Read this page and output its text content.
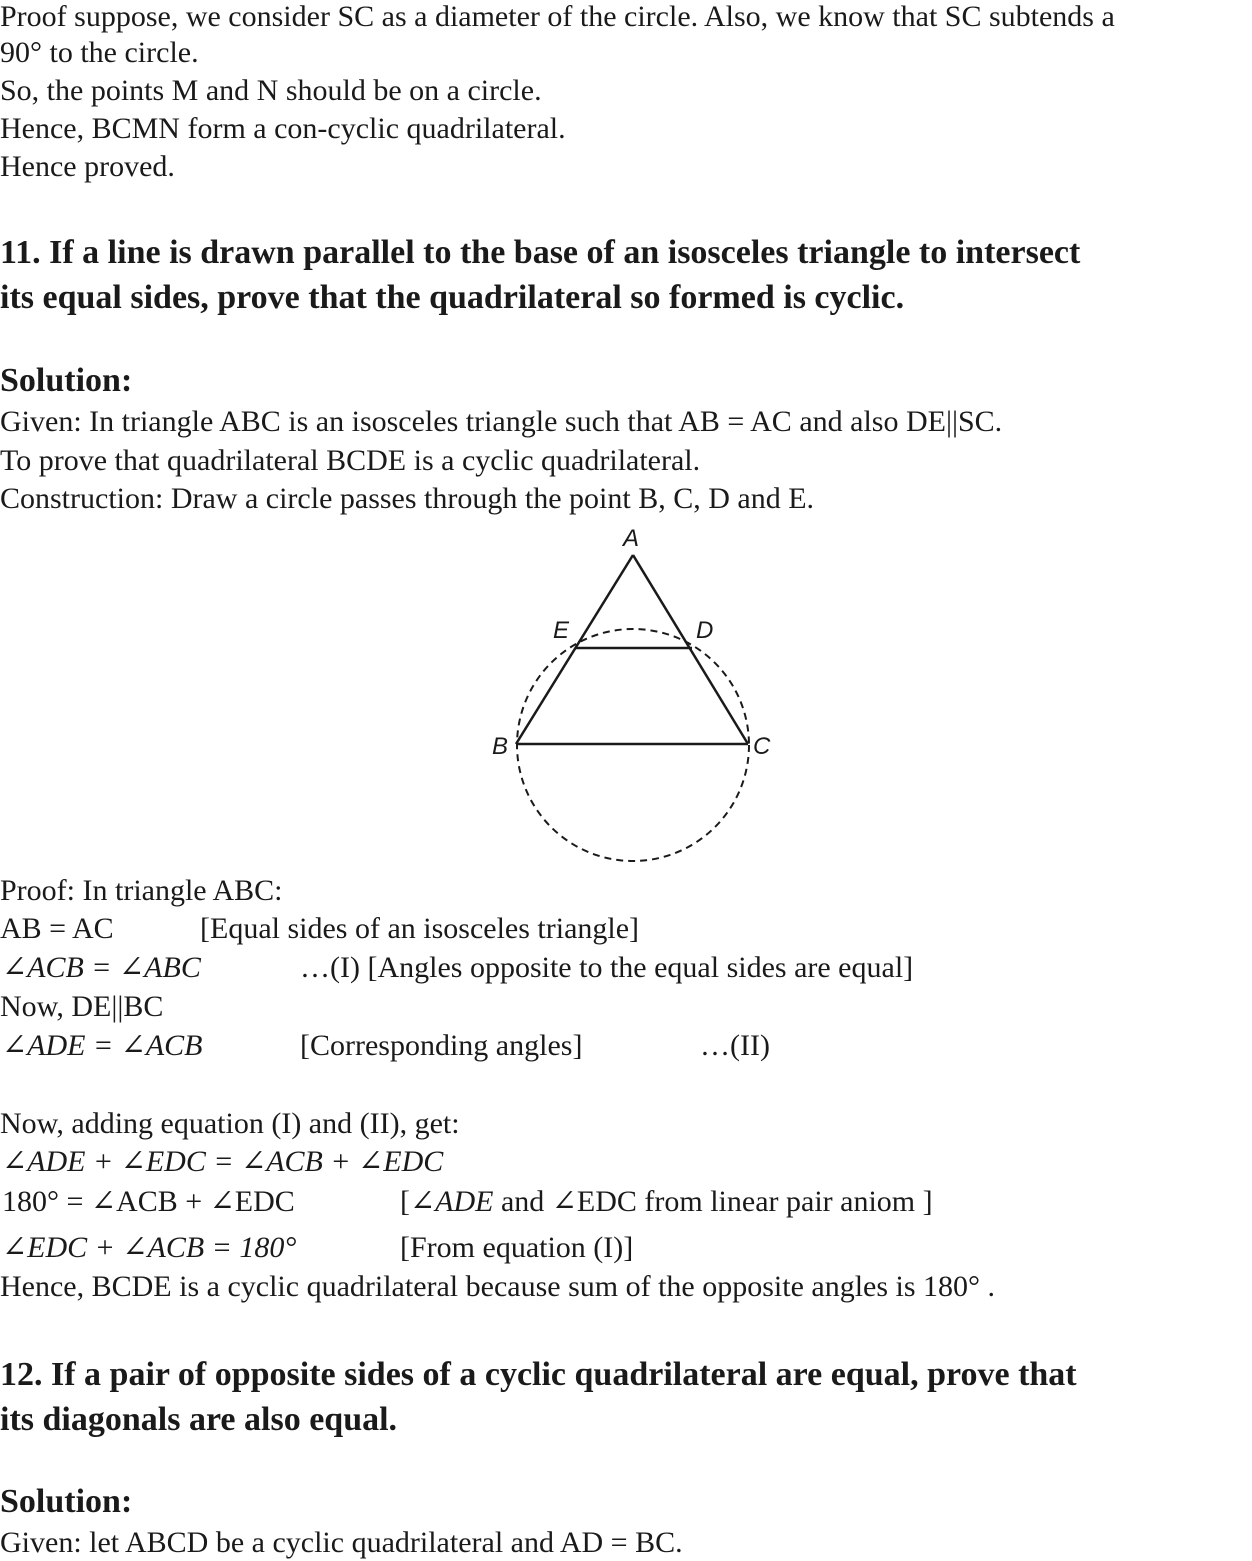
Proof suppose, we consider SC as a diameter of the circle. Also, we know that SC subtends a
90° to the circle.
So, the points M and N should be on a circle.
Hence, BCMN form a con-cyclic quadrilateral.
Hence proved.
11. If a line is drawn parallel to the base of an isosceles triangle to intersect
its equal sides, prove that the quadrilateral so formed is cyclic.
Solution:
Given: In triangle ABC is an isosceles triangle such that AB = AC and also DE||SC.
To prove that quadrilateral BCDE is a cyclic quadrilateral.
Construction: Draw a circle passes through the point B, C, D and E.
A
E	D
B	C
Proof: In triangle ABC:
AB = AC	[Equal sides of an isosceles triangle]
∠ACB = ∠ABC	…(I) [Angles opposite to the equal sides are equal]
Now, DE||BC
∠ADE = ∠ACB	[Corresponding angles]	…(II)
Now, adding equation (I) and (II), get:
∠ADE + ∠EDC = ∠ACB + ∠EDC
180° = ∠ACB + ∠EDC	[∠ADE and ∠EDC from linear pair aniom ]
∠EDC + ∠ACB = 180°	[From equation (I)]
Hence, BCDE is a cyclic quadrilateral because sum of the opposite angles is 180° .
12. If a pair of opposite sides of a cyclic quadrilateral are equal, prove that
its diagonals are also equal.
Solution:
Given: let ABCD be a cyclic quadrilateral and AD = BC.
